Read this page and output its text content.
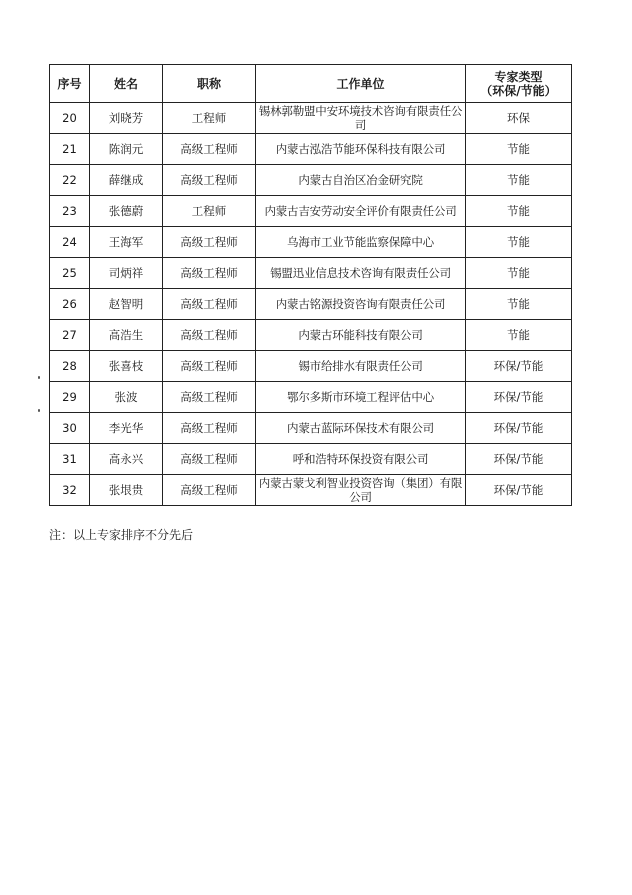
序号	姓名	职称	工作单位	专家类型
（环保/节能）

20	刘晓芳	工程师	锡林郭勒盟中安环境技术咨询有限责任公司	环保
21	陈润元	高级工程师	内蒙古泓浩节能环保科技有限公司	节能
22	薛继成	高级工程师	内蒙古自治区冶金研究院	节能
23	张德蔚	工程师	内蒙古吉安劳动安全评价有限责任公司	节能
24	王海军	高级工程师	乌海市工业节能监察保障中心	节能
25	司炳祥	高级工程师	锡盟迅业信息技术咨询有限责任公司	节能
26	赵智明	高级工程师	内蒙古铭源投资咨询有限责任公司	节能
27	高浩生	高级工程师	内蒙古环能科技有限公司	节能
28	张喜枝	高级工程师	锡市给排水有限责任公司	环保/节能
29	张波	高级工程师	鄂尔多斯市环境工程评估中心	环保/节能
30	李光华	高级工程师	内蒙古蓝际环保技术有限公司	环保/节能
31	高永兴	高级工程师	呼和浩特环保投资有限公司	环保/节能
32	张垠贵	高级工程师	内蒙古蒙戈利智业投资咨询（集团）有限公司	环保/节能
注：以上专家排序不分先后
